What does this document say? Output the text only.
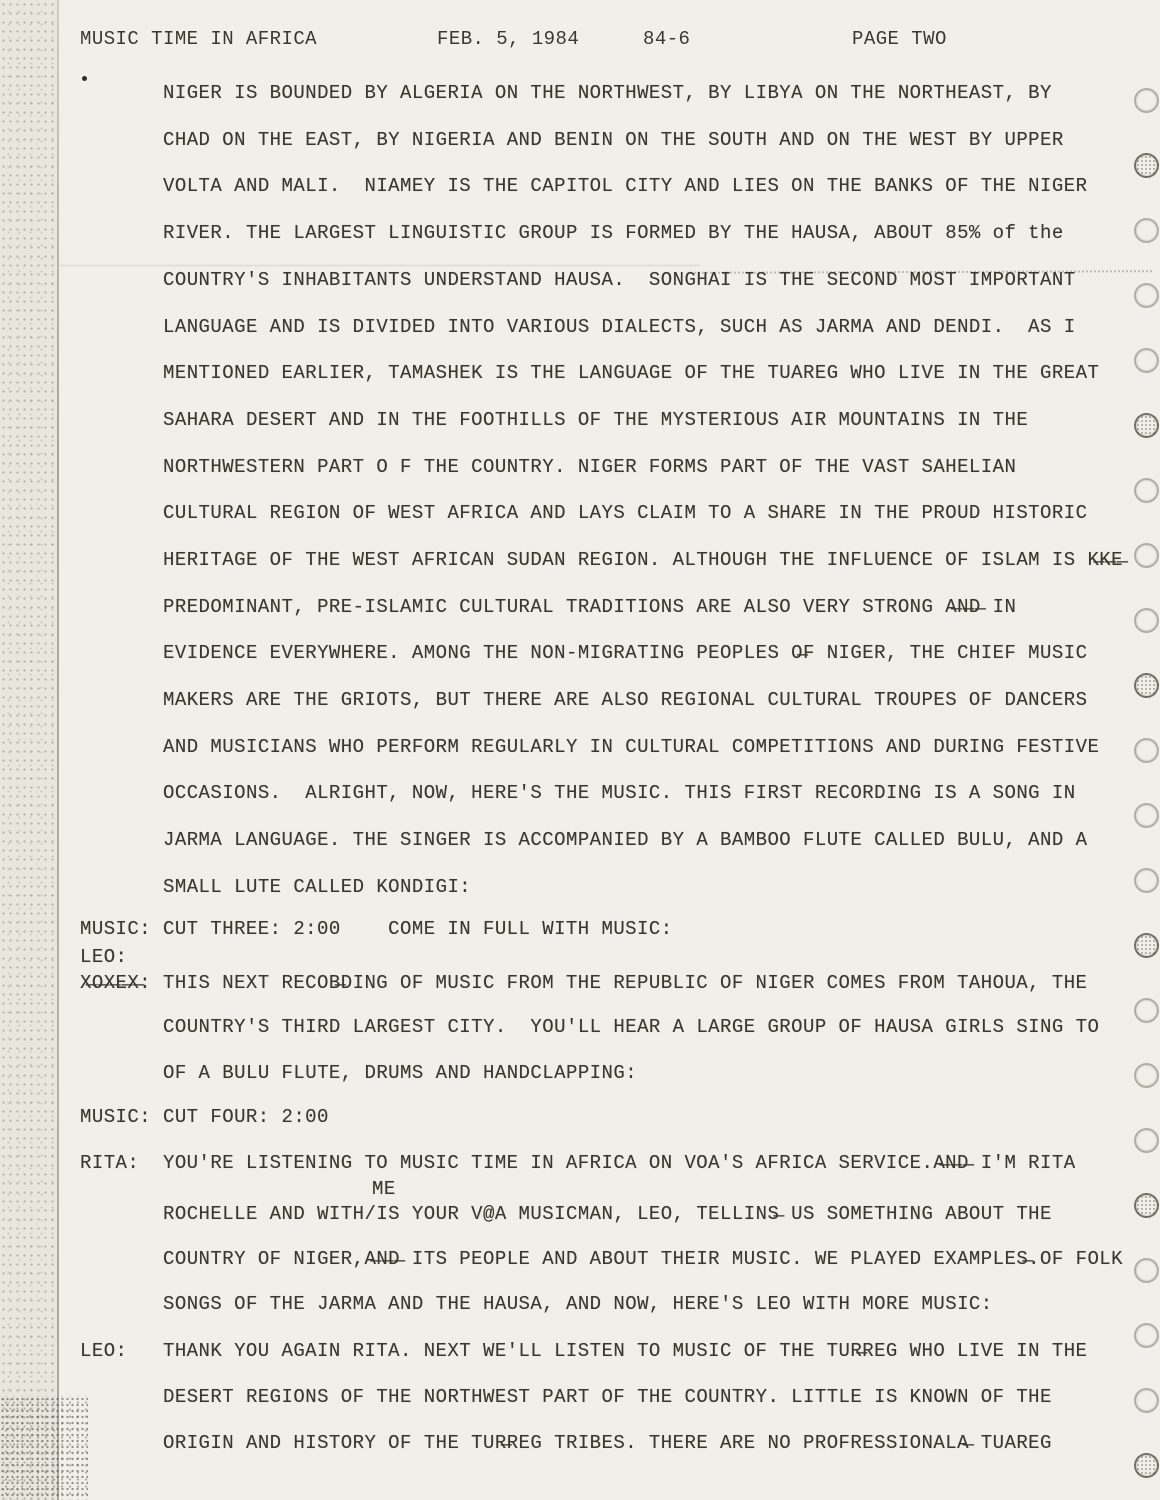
MUSIC TIME IN AFRICA	FEB. 5, 1984	84-6	PAGE TWO
NIGER IS BOUNDED BY ALGERIA ON THE NORTHWEST, BY LIBYA ON THE NORTHEAST, BY
CHAD ON THE EAST, BY NIGERIA AND BENIN ON THE SOUTH AND ON THE WEST BY UPPER
VOLTA AND MALI.  NIAMEY IS THE CAPITOL CITY AND LIES ON THE BANKS OF THE NIGER
RIVER. THE LARGEST LINGUISTIC GROUP IS FORMED BY THE HAUSA, ABOUT 85% of the
COUNTRY'S INHABITANTS UNDERSTAND HAUSA.  SONGHAI IS THE SECOND MOST IMPORTANT
LANGUAGE AND IS DIVIDED INTO VARIOUS DIALECTS, SUCH AS JARMA AND DENDI.  AS I
MENTIONED EARLIER, TAMASHEK IS THE LANGUAGE OF THE TUAREG WHO LIVE IN THE GREAT
SAHARA DESERT AND IN THE FOOTHILLS OF THE MYSTERIOUS AIR MOUNTAINS IN THE
NORTHWESTERN PART O F THE COUNTRY. NIGER FORMS PART OF THE VAST SAHELIAN
CULTURAL REGION OF WEST AFRICA AND LAYS CLAIM TO A SHARE IN THE PROUD HISTORIC
HERITAGE OF THE WEST AFRICAN SUDAN REGION. ALTHOUGH THE INFLUENCE OF ISLAM IS K̶K̶E̶
PREDOMINANT, PRE-ISLAMIC CULTURAL TRADITIONS ARE ALSO VERY STRONG A̶N̶D̶ IN
EVIDENCE EVERYWHERE. AMONG THE NON-MIGRATING PEOPLES O̶F NIGER, THE CHIEF MUSIC
MAKERS ARE THE GRIOTS, BUT THERE ARE ALSO REGIONAL CULTURAL TROUPES OF DANCERS
AND MUSICIANS WHO PERFORM REGULARLY IN CULTURAL COMPETITIONS AND DURING FESTIVE
OCCASIONS.  ALRIGHT, NOW, HERE'S THE MUSIC. THIS FIRST RECORDING IS A SONG IN
JARMA LANGUAGE. THE SINGER IS ACCOMPANIED BY A BAMBOO FLUTE CALLED BULU, AND A
SMALL LUTE CALLED KONDIGI:
MUSIC: CUT THREE: 2:00    COME IN FULL WITH MUSIC:
LEO:
X̶O̶X̶E̶X̶: THIS NEXT RECOB̶DING OF MUSIC FROM THE REPUBLIC OF NIGER COMES FROM TAHOUA, THE
COUNTRY'S THIRD LARGEST CITY.  YOU'LL HEAR A LARGE GROUP OF HAUSA GIRLS SING TO
OF A BULU FLUTE, DRUMS AND HANDCLAPPING:
MUSIC: CUT FOUR: 2:00
RITA:  YOU'RE LISTENING TO MUSIC TIME IN AFRICA ON VOA'S AFRICA SERVICE.A̶N̶D̶ I'M RITA
ME
ROCHELLE AND WITH/IS YOUR V@A MUSICMAN, LEO, TELLINS̶ US SOMETHING ABOUT THE
COUNTRY OF NIGER,A̶N̶D̶ ITS PEOPLE AND ABOUT THEIR MUSIC. WE PLAYED EXAMPLES̶.OF FOLK
SONGS OF THE JARMA AND THE HAUSA, AND NOW, HERE'S LEO WITH MORE MUSIC:
LEO:   THANK YOU AGAIN RITA. NEXT WE'LL LISTEN TO MUSIC OF THE TUR̶REG WHO LIVE IN THE
DESERT REGIONS OF THE NORTHWEST PART OF THE COUNTRY. LITTLE IS KNOWN OF THE
ORIGIN AND HISTORY OF THE TUR̶REG TRIBES. THERE ARE NO PROFRESSIONALA̶ TUAREG
